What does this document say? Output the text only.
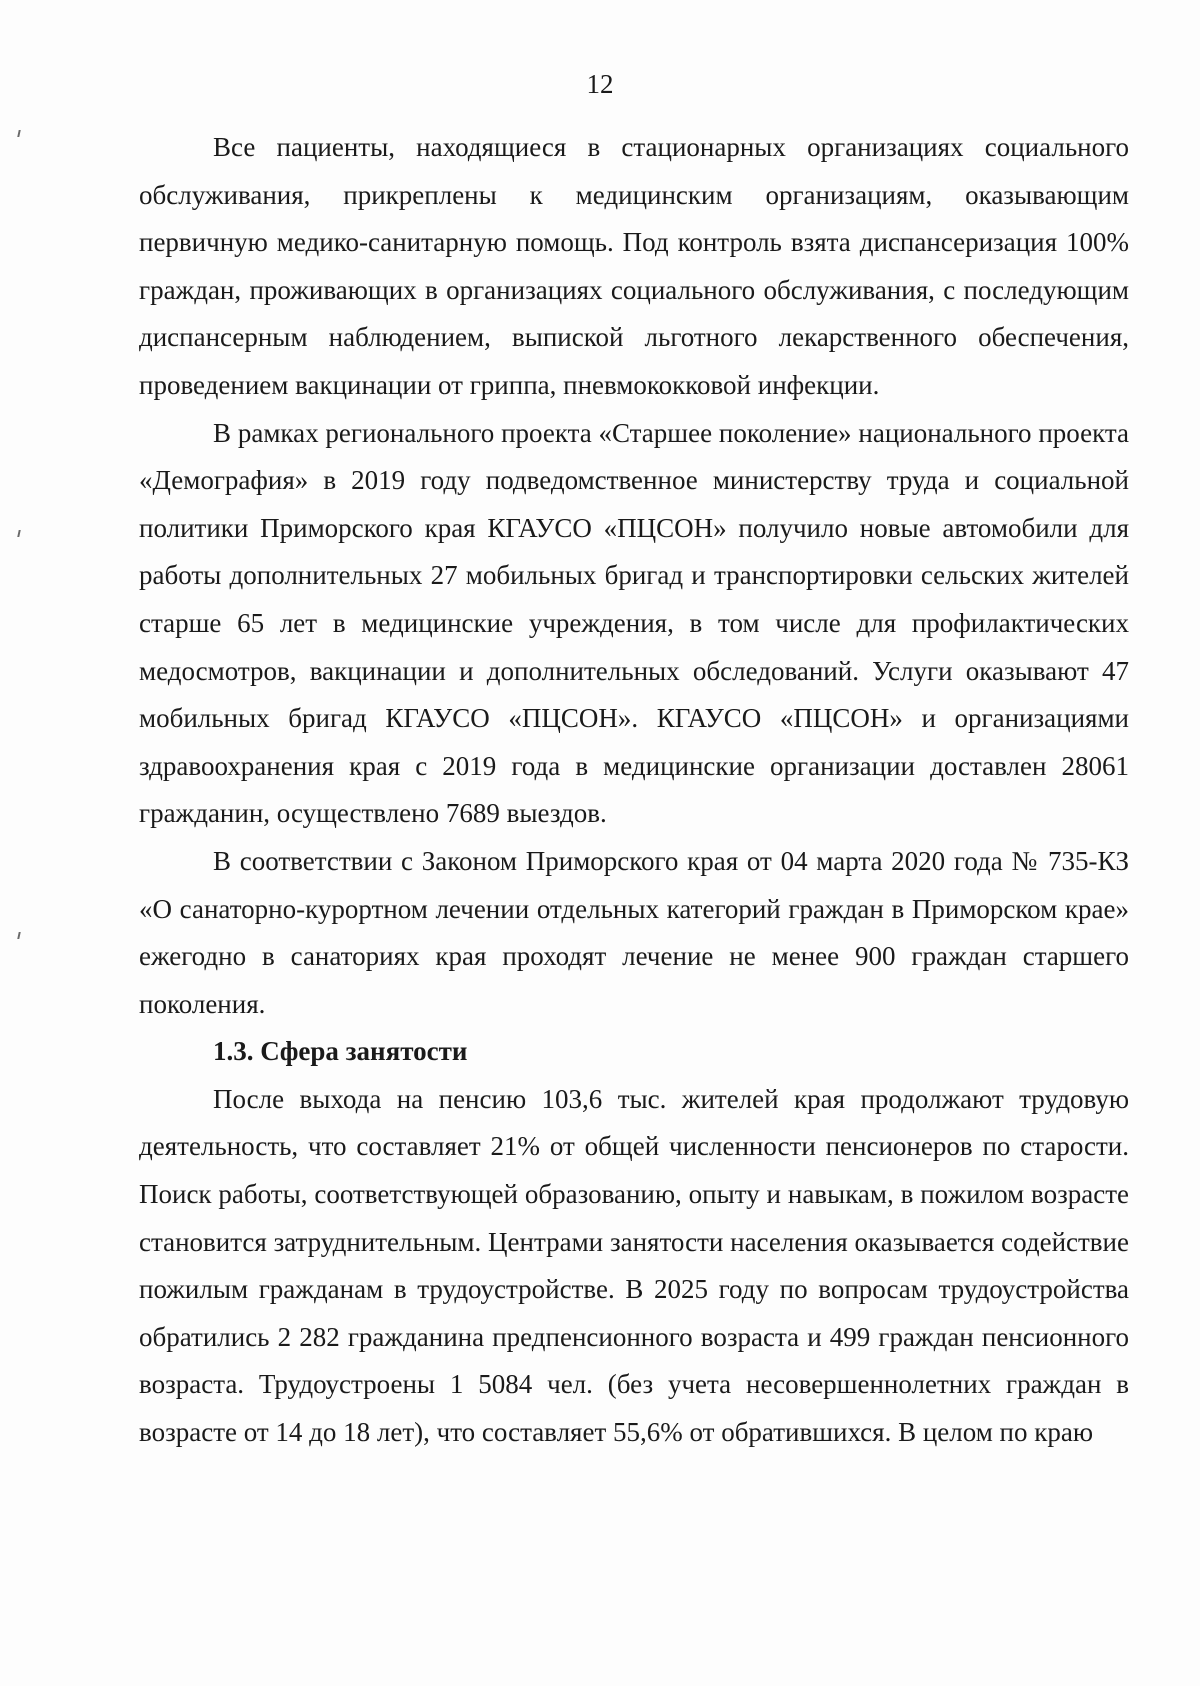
12

Все пациенты, находящиеся в стационарных организациях социального обслуживания, прикреплены к медицинским организациям, оказывающим первичную медико-санитарную помощь. Под контроль взята диспансеризация 100% граждан, проживающих в организациях социального обслуживания, с последующим диспансерным наблюдением, выпиской льготного лекарственного обеспечения, проведением вакцинации от гриппа, пневмококковой инфекции.

В рамках регионального проекта «Старшее поколение» национального проекта «Демография» в 2019 году подведомственное министерству труда и социальной политики Приморского края КГАУСО «ПЦСОН» получило новые автомобили для работы дополнительных 27 мобильных бригад и транспортировки сельских жителей старше 65 лет в медицинские учреждения, в том числе для профилактических медосмотров, вакцинации и дополнительных обследований. Услуги оказывают 47 мобильных бригад КГАУСО «ПЦСОН». КГАУСО «ПЦСОН» и организациями здравоохранения края с 2019 года в медицинские организации доставлен 28061 гражданин, осуществлено 7689 выездов.

В соответствии с Законом Приморского края от 04 марта 2020 года № 735-КЗ «О санаторно-курортном лечении отдельных категорий граждан в Приморском крае» ежегодно в санаториях края проходят лечение не менее 900 граждан старшего поколения.

1.3. Сфера занятости

После выхода на пенсию 103,6 тыс. жителей края продолжают трудовую деятельность, что составляет 21% от общей численности пенсионеров по старости. Поиск работы, соответствующей образованию, опыту и навыкам, в пожилом возрасте становится затруднительным. Центрами занятости населения оказывается содействие пожилым гражданам в трудоустройстве. В 2025 году по вопросам трудоустройства обратились 2 282 гражданина предпенсионного возраста и 499 граждан пенсионного возраста. Трудоустроены 1 5084 чел. (без учета несовершеннолетних граждан в возрасте от 14 до 18 лет), что составляет 55,6% от обратившихся. В целом по краю
